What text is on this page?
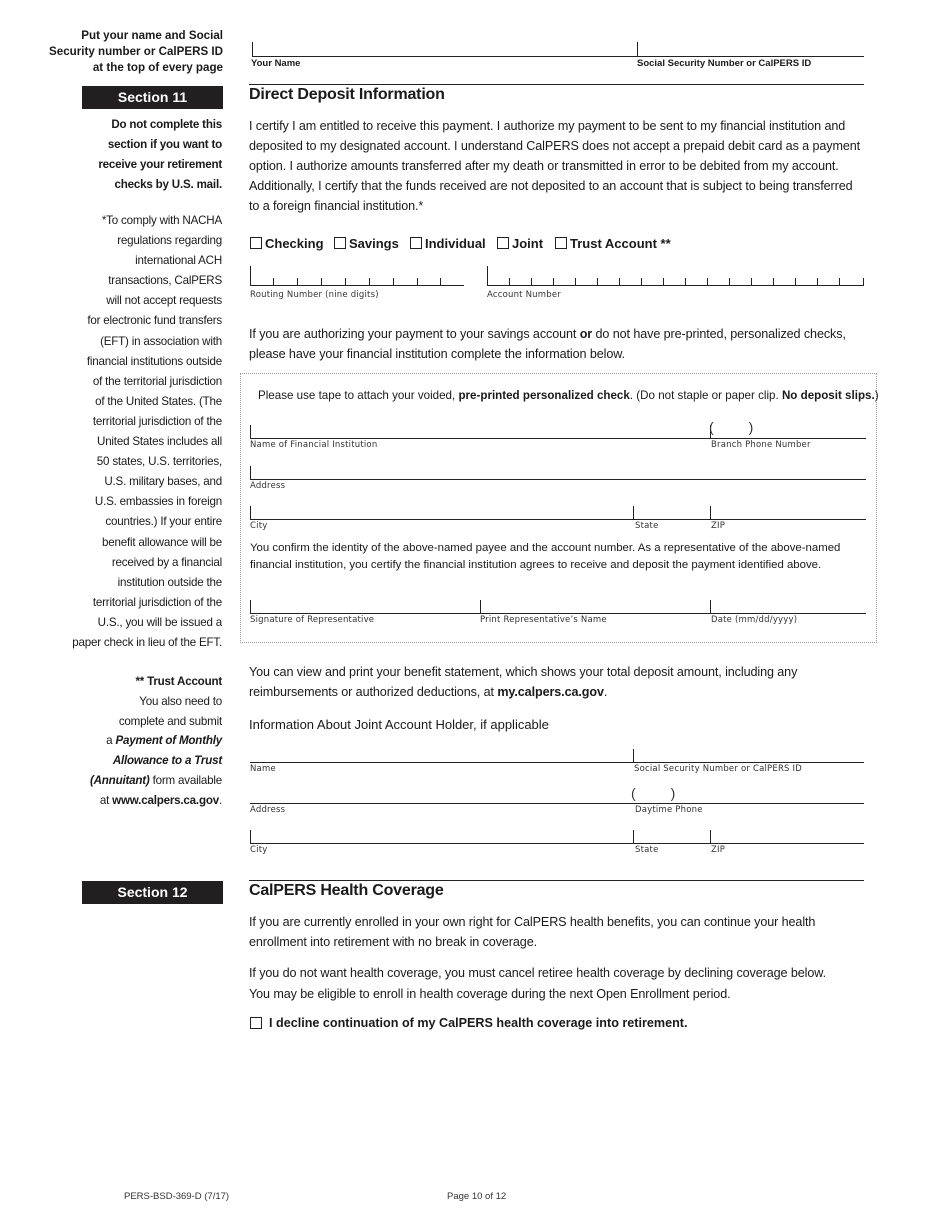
Put your name and Social
Security number or CalPERS ID
at the top of every page	Your Name	Social Security Number or CalPERS ID
Section 11	Direct Deposit Information
Do not complete this
section if you want to
receive your retirement
checks by U.S. mail.
*To comply with NACHA
regulations regarding
international ACH
transactions, CalPERS
will not accept requests
for electronic fund transfers
(EFT) in association with
financial institutions outside
of the territorial jurisdiction
of the United States. (The
territorial jurisdiction of the
United States includes all
50 states, U.S. territories,
U.S. military bases, and
U.S. embassies in foreign
countries.) If your entire
benefit allowance will be
received by a financial
institution outside the
territorial jurisdiction of the
U.S., you will be issued a
paper check in lieu of the EFT.
** Trust Account
You also need to
complete and submit
a Payment of Monthly
Allowance to a Trust
(Annuitant) form available
at www.calpers.ca.gov.
I certify I am entitled to receive this payment. I authorize my payment to be sent to my financial institution and
deposited to my designated account. I understand CalPERS does not accept a prepaid debit card as a payment
option. I authorize amounts transferred after my death or transmitted in error to be debited from my account.
Additionally, I certify that the funds received are not deposited to an account that is subject to being transferred
to a foreign financial institution.*
Checking Savings Individual Joint Trust Account **
Routing Number (nine digits)	Account Number
If you are authorizing your payment to your savings account or do not have pre-printed, personalized checks,
please have your financial institution complete the information below.
Please use tape to attach your voided, pre-printed personalized check. (Do not staple or paper clip. No deposit slips.)
(         )
Name of Financial Institution	Branch Phone Number
Address
City	State	ZIP
You confirm the identity of the above-named payee and the account number. As a representative of the above-named
financial institution, you certify the financial institution agrees to receive and deposit the payment identified above.
Signature of Representative	Print Representative’s Name	Date (mm/dd/yyyy)
You can view and print your benefit statement, which shows your total deposit amount, including any
reimbursements or authorized deductions, at my.calpers.ca.gov.
Information About Joint Account Holder, if applicable
Name	Social Security Number or CalPERS ID
(         )
Address	Daytime Phone
City	State	ZIP
Section 12	CalPERS Health Coverage
If you are currently enrolled in your own right for CalPERS health benefits, you can continue your health
enrollment into retirement with no break in coverage.
If you do not want health coverage, you must cancel retiree health coverage by declining coverage below.
You may be eligible to enroll in health coverage during the next Open Enrollment period.
I decline continuation of my CalPERS health coverage into retirement.
PERS-BSD-369-D (7/17)	Page 10 of 12
